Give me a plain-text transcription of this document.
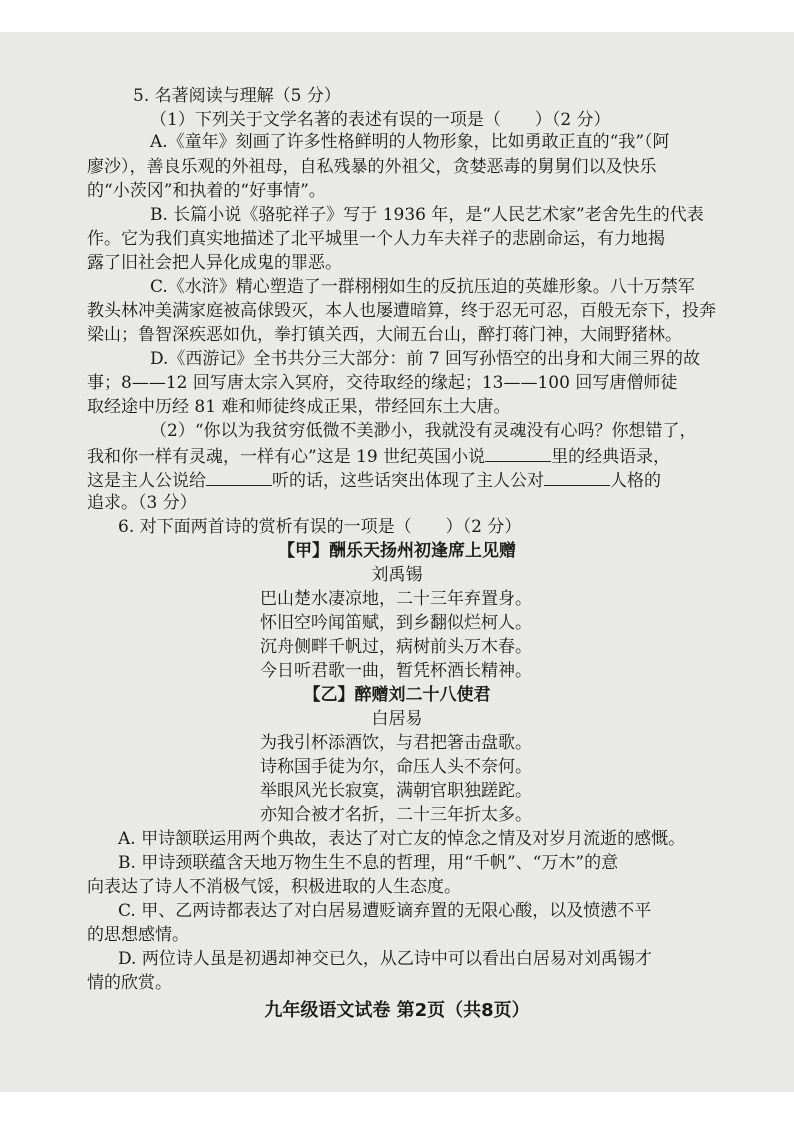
5. 名著阅读与理解（5 分）
（1）下列关于文学名著的表述有误的一项是（　　）（2 分）
A.《童年》刻画了许多性格鲜明的人物形象，比如勇敢正直的“我”（阿
廖沙），善良乐观的外祖母，自私残暴的外祖父，贪婪恶毒的舅舅们以及快乐
的“小茨冈”和执着的“好事情”。
B. 长篇小说《骆驼祥子》写于 1936 年，是“人民艺术家”老舍先生的代表
作。它为我们真实地描述了北平城里一个人力车夫祥子的悲剧命运，有力地揭
露了旧社会把人异化成鬼的罪恶。
C.《水浒》精心塑造了一群栩栩如生的反抗压迫的英雄形象。八十万禁军
教头林冲美满家庭被高俅毁灭，本人也屡遭暗算，终于忍无可忍，百般无奈下，投奔
梁山；鲁智深疾恶如仇，拳打镇关西，大闹五台山，醉打蒋门神，大闹野猪林。
D.《西游记》全书共分三大部分：前 7 回写孙悟空的出身和大闹三界的故
事；8——12 回写唐太宗入冥府，交待取经的缘起；13——100 回写唐僧师徒
取经途中历经 81 难和师徒终成正果，带经回东土大唐。
（2）“你以为我贫穷低微不美渺小，我就没有灵魂没有心吗？你想错了，
我和你一样有灵魂，一样有心”这是 19 世纪英国小说	里的经典语录，
这是主人公说给	听的话，这些话突出体现了主人公对	人格的
追求。（3 分）
6. 对下面两首诗的赏析有误的一项是（　　）（2 分）
【甲】酬乐天扬州初逢席上见赠
刘禹锡
巴山楚水凄凉地，二十三年弃置身。
怀旧空吟闻笛赋，到乡翻似烂柯人。
沉舟侧畔千帆过，病树前头万木春。
今日听君歌一曲，暂凭杯酒长精神。
【乙】醉赠刘二十八使君
白居易
为我引杯添酒饮，与君把箸击盘歌。
诗称国手徒为尔，命压人头不奈何。
举眼风光长寂寞，满朝官职独蹉跎。
亦知合被才名折，二十三年折太多。
A. 甲诗颔联运用两个典故，表达了对亡友的悼念之情及对岁月流逝的感慨。
B. 甲诗颈联蕴含天地万物生生不息的哲理，用“千帆”、“万木”的意
向表达了诗人不消极气馁，积极进取的人生态度。
C. 甲、乙两诗都表达了对白居易遭贬谪弃置的无限心酸，以及愤懑不平
的思想感情。
D. 两位诗人虽是初遇却神交已久，从乙诗中可以看出白居易对刘禹锡才
情的欣赏。
九年级语文试卷 第2页（共8页）
